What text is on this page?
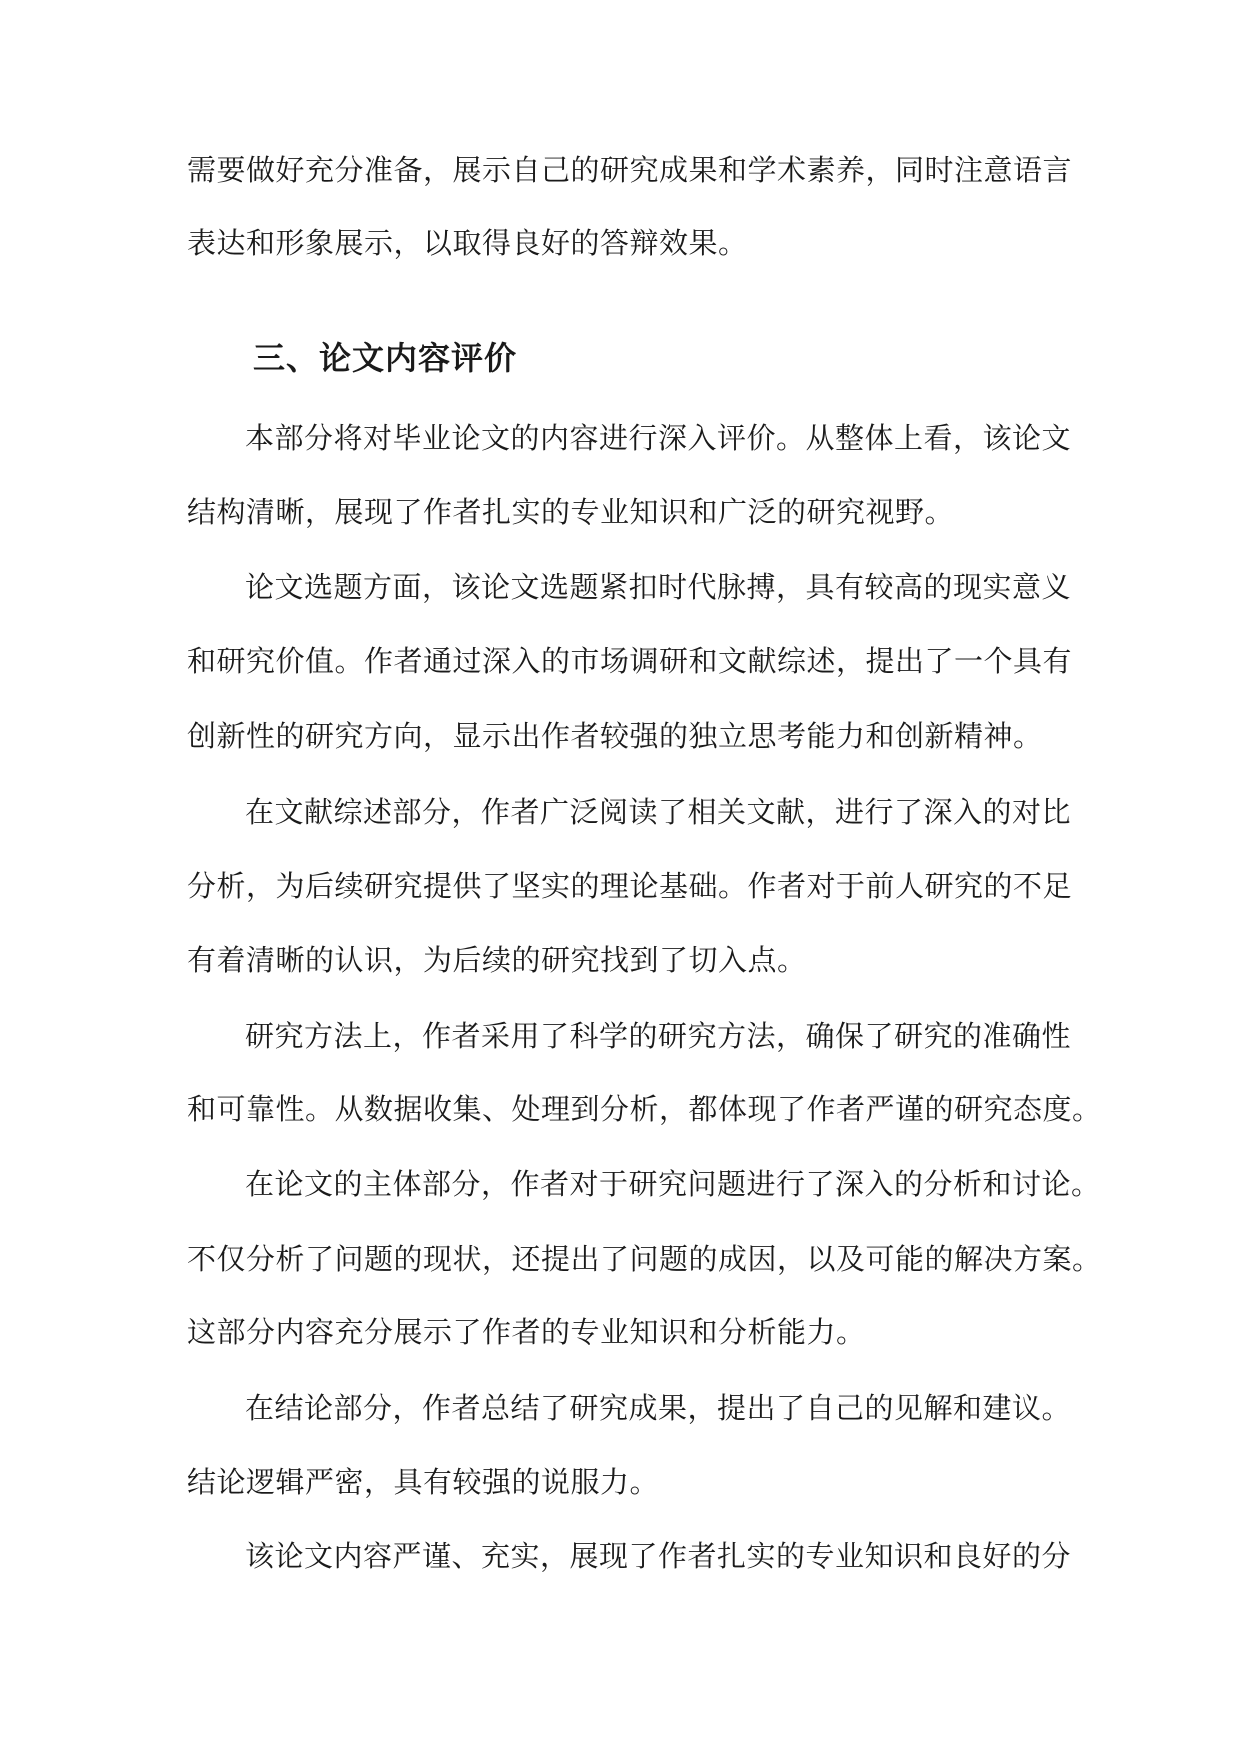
需要做好充分准备，展示自己的研究成果和学术素养，同时注意语言
表达和形象展示，以取得良好的答辩效果。
三、论文内容评价
本部分将对毕业论文的内容进行深入评价。从整体上看，该论文
结构清晰，展现了作者扎实的专业知识和广泛的研究视野。
论文选题方面，该论文选题紧扣时代脉搏，具有较高的现实意义
和研究价值。作者通过深入的市场调研和文献综述，提出了一个具有
创新性的研究方向，显示出作者较强的独立思考能力和创新精神。
在文献综述部分，作者广泛阅读了相关文献，进行了深入的对比
分析，为后续研究提供了坚实的理论基础。作者对于前人研究的不足
有着清晰的认识，为后续的研究找到了切入点。
研究方法上，作者采用了科学的研究方法，确保了研究的准确性
和可靠性。从数据收集、处理到分析，都体现了作者严谨的研究态度。
在论文的主体部分，作者对于研究问题进行了深入的分析和讨论。
不仅分析了问题的现状，还提出了问题的成因，以及可能的解决方案。
这部分内容充分展示了作者的专业知识和分析能力。
在结论部分，作者总结了研究成果，提出了自己的见解和建议。
结论逻辑严密，具有较强的说服力。
该论文内容严谨、充实，展现了作者扎实的专业知识和良好的分
